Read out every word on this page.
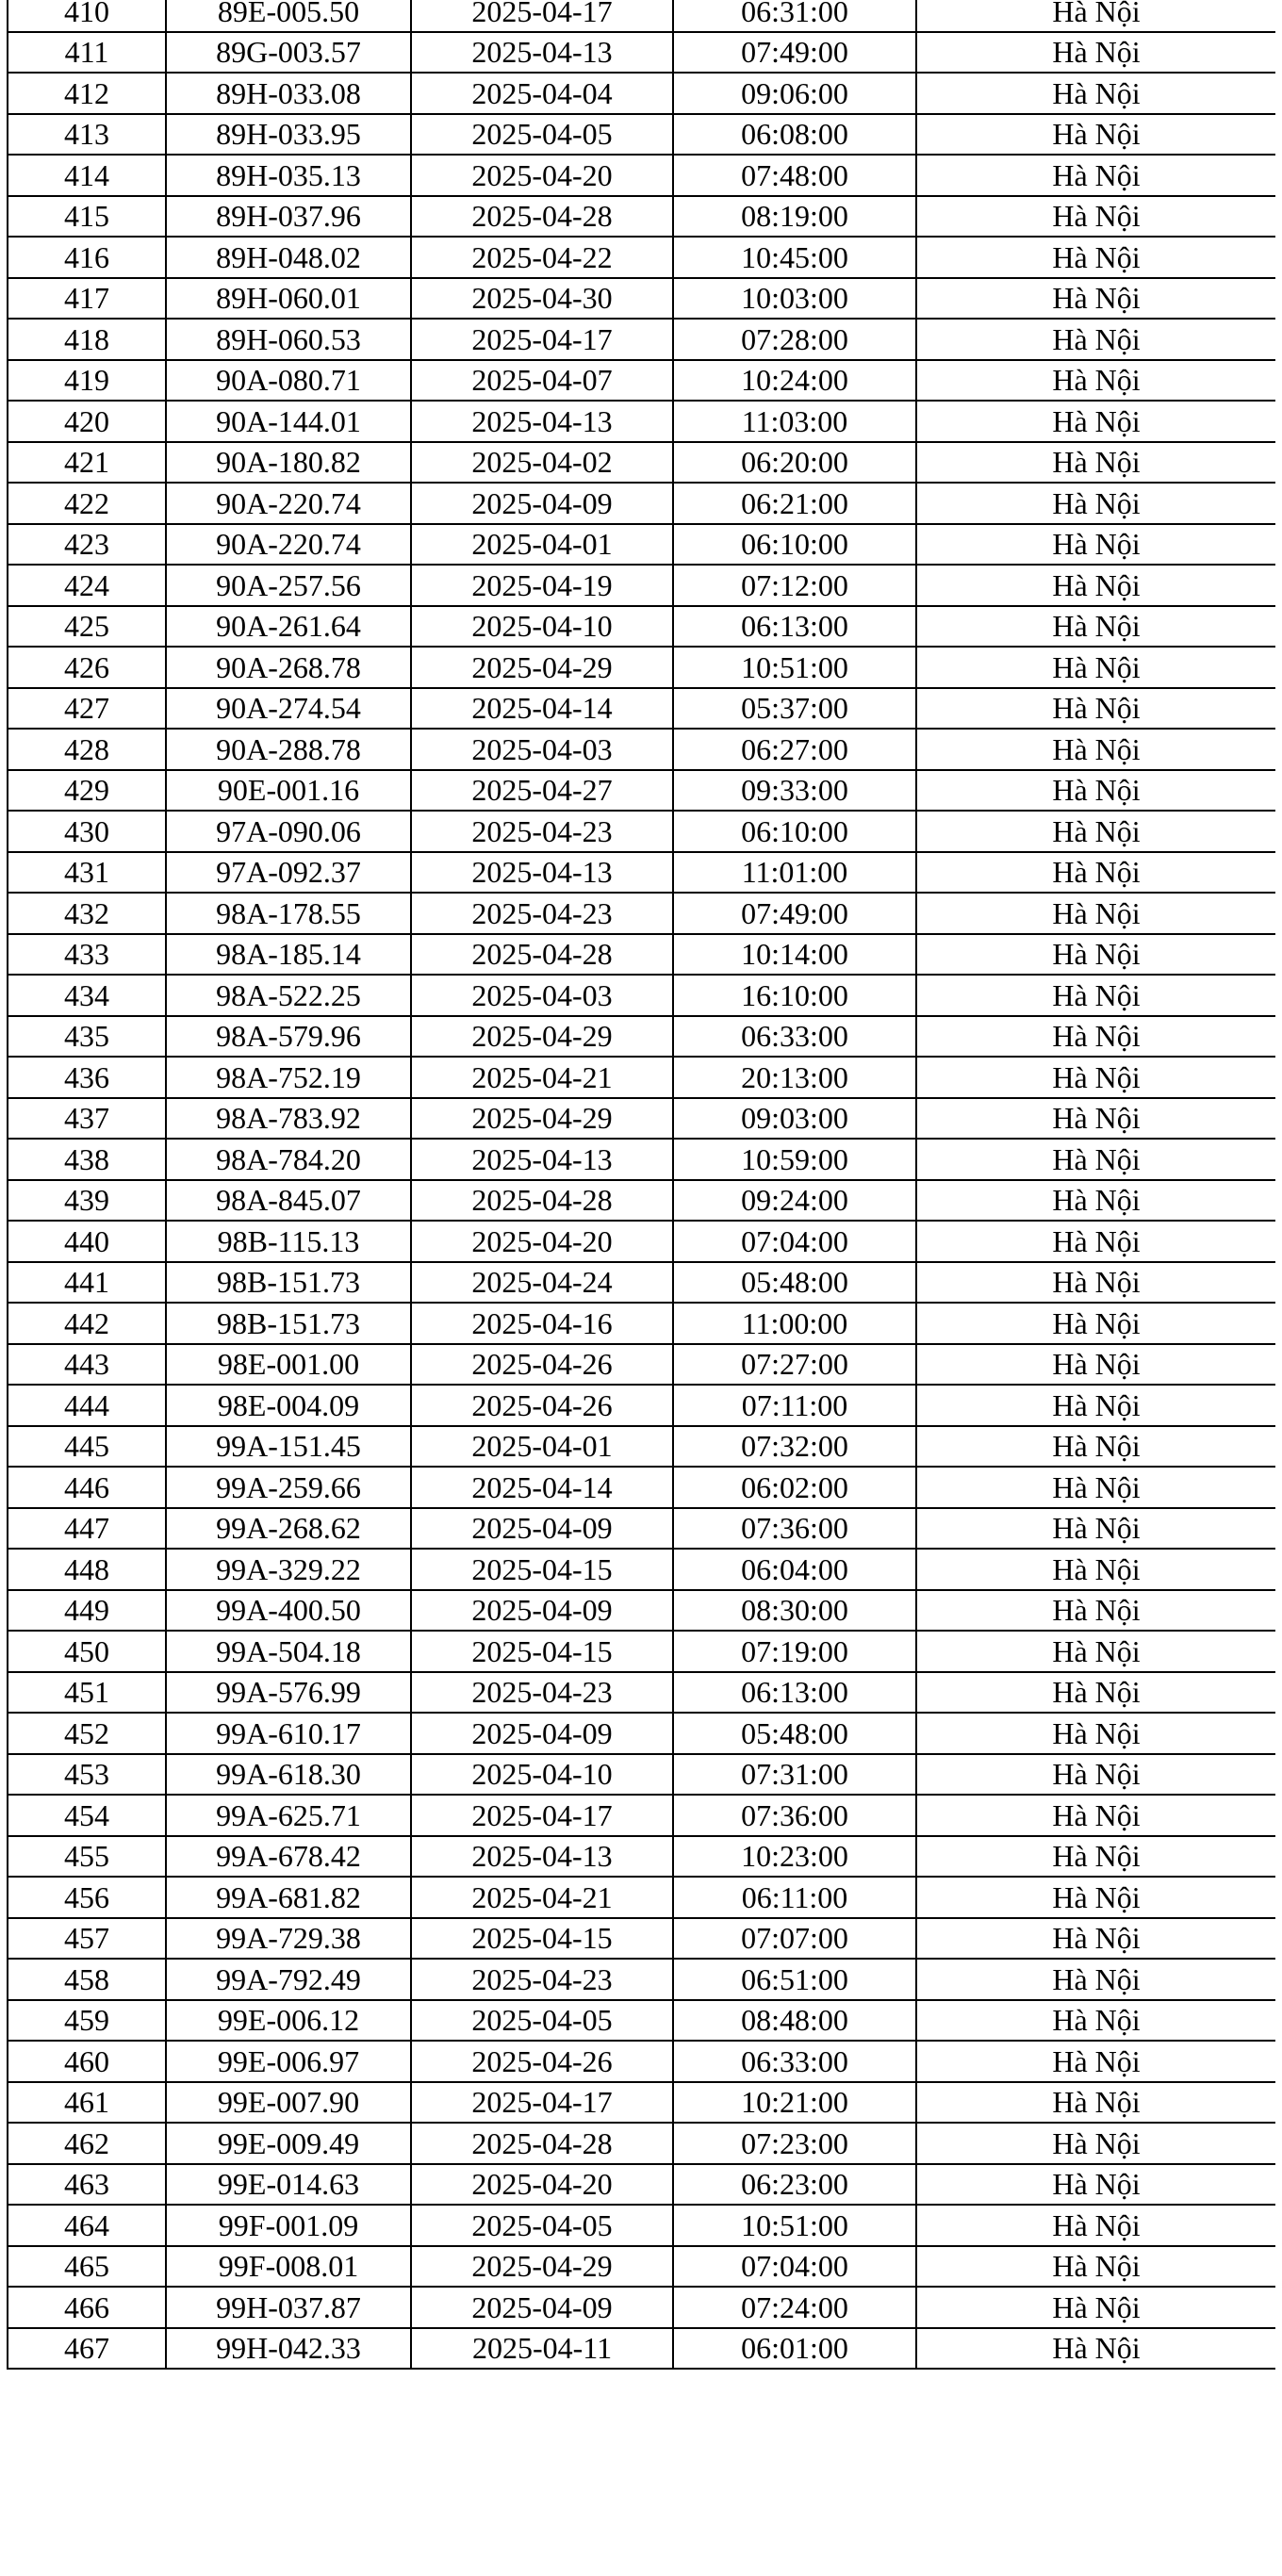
410	89E-005.50	2025-04-17	06:31:00	Hà Nội
411	89G-003.57	2025-04-13	07:49:00	Hà Nội
412	89H-033.08	2025-04-04	09:06:00	Hà Nội
413	89H-033.95	2025-04-05	06:08:00	Hà Nội
414	89H-035.13	2025-04-20	07:48:00	Hà Nội
415	89H-037.96	2025-04-28	08:19:00	Hà Nội
416	89H-048.02	2025-04-22	10:45:00	Hà Nội
417	89H-060.01	2025-04-30	10:03:00	Hà Nội
418	89H-060.53	2025-04-17	07:28:00	Hà Nội
419	90A-080.71	2025-04-07	10:24:00	Hà Nội
420	90A-144.01	2025-04-13	11:03:00	Hà Nội
421	90A-180.82	2025-04-02	06:20:00	Hà Nội
422	90A-220.74	2025-04-09	06:21:00	Hà Nội
423	90A-220.74	2025-04-01	06:10:00	Hà Nội
424	90A-257.56	2025-04-19	07:12:00	Hà Nội
425	90A-261.64	2025-04-10	06:13:00	Hà Nội
426	90A-268.78	2025-04-29	10:51:00	Hà Nội
427	90A-274.54	2025-04-14	05:37:00	Hà Nội
428	90A-288.78	2025-04-03	06:27:00	Hà Nội
429	90E-001.16	2025-04-27	09:33:00	Hà Nội
430	97A-090.06	2025-04-23	06:10:00	Hà Nội
431	97A-092.37	2025-04-13	11:01:00	Hà Nội
432	98A-178.55	2025-04-23	07:49:00	Hà Nội
433	98A-185.14	2025-04-28	10:14:00	Hà Nội
434	98A-522.25	2025-04-03	16:10:00	Hà Nội
435	98A-579.96	2025-04-29	06:33:00	Hà Nội
436	98A-752.19	2025-04-21	20:13:00	Hà Nội
437	98A-783.92	2025-04-29	09:03:00	Hà Nội
438	98A-784.20	2025-04-13	10:59:00	Hà Nội
439	98A-845.07	2025-04-28	09:24:00	Hà Nội
440	98B-115.13	2025-04-20	07:04:00	Hà Nội
441	98B-151.73	2025-04-24	05:48:00	Hà Nội
442	98B-151.73	2025-04-16	11:00:00	Hà Nội
443	98E-001.00	2025-04-26	07:27:00	Hà Nội
444	98E-004.09	2025-04-26	07:11:00	Hà Nội
445	99A-151.45	2025-04-01	07:32:00	Hà Nội
446	99A-259.66	2025-04-14	06:02:00	Hà Nội
447	99A-268.62	2025-04-09	07:36:00	Hà Nội
448	99A-329.22	2025-04-15	06:04:00	Hà Nội
449	99A-400.50	2025-04-09	08:30:00	Hà Nội
450	99A-504.18	2025-04-15	07:19:00	Hà Nội
451	99A-576.99	2025-04-23	06:13:00	Hà Nội
452	99A-610.17	2025-04-09	05:48:00	Hà Nội
453	99A-618.30	2025-04-10	07:31:00	Hà Nội
454	99A-625.71	2025-04-17	07:36:00	Hà Nội
455	99A-678.42	2025-04-13	10:23:00	Hà Nội
456	99A-681.82	2025-04-21	06:11:00	Hà Nội
457	99A-729.38	2025-04-15	07:07:00	Hà Nội
458	99A-792.49	2025-04-23	06:51:00	Hà Nội
459	99E-006.12	2025-04-05	08:48:00	Hà Nội
460	99E-006.97	2025-04-26	06:33:00	Hà Nội
461	99E-007.90	2025-04-17	10:21:00	Hà Nội
462	99E-009.49	2025-04-28	07:23:00	Hà Nội
463	99E-014.63	2025-04-20	06:23:00	Hà Nội
464	99F-001.09	2025-04-05	10:51:00	Hà Nội
465	99F-008.01	2025-04-29	07:04:00	Hà Nội
466	99H-037.87	2025-04-09	07:24:00	Hà Nội
467	99H-042.33	2025-04-11	06:01:00	Hà Nội
